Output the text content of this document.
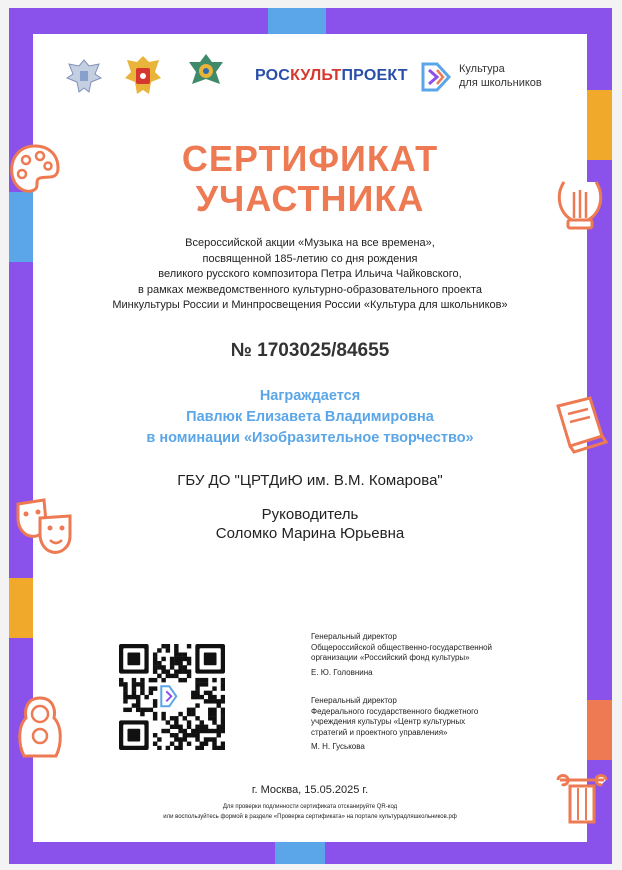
РОСКУЛЬТПРОЕКТ	Культура
для школьников
СЕРТИФИКАТ
УЧАСТНИКА
Всероссийской акции «Музыка на все времена»,
посвященной 185-летию со дня рождения
великого русского композитора Петра Ильича Чайковского,
в рамках межведомственного культурно-образовательного проекта
Минкультуры России и Минпросвещения России «Культура для школьников»
№ 1703025/84655
Награждается
Павлюк Елизавета Владимировна
в номинации «Изобразительное творчество»
ГБУ ДО "ЦРТДиЮ им. В.М. Комарова"
Руководитель
Соломко Марина Юрьевна
Генеральный директор
Общероссийской общественно-государственной
организации «Российский фонд культуры»
Е. Ю. Головнина
Генеральный директор
Федерального государственного бюджетного
учреждения культуры «Центр культурных
стратегий и проектного управления»
М. Н. Гуськова
г. Москва, 15.05.2025 г.
Для проверки подлинности сертификата отсканируйте QR-код
или воспользуйтесь формой в разделе «Проверка сертификата» на портале культурадляшкольников.рф
